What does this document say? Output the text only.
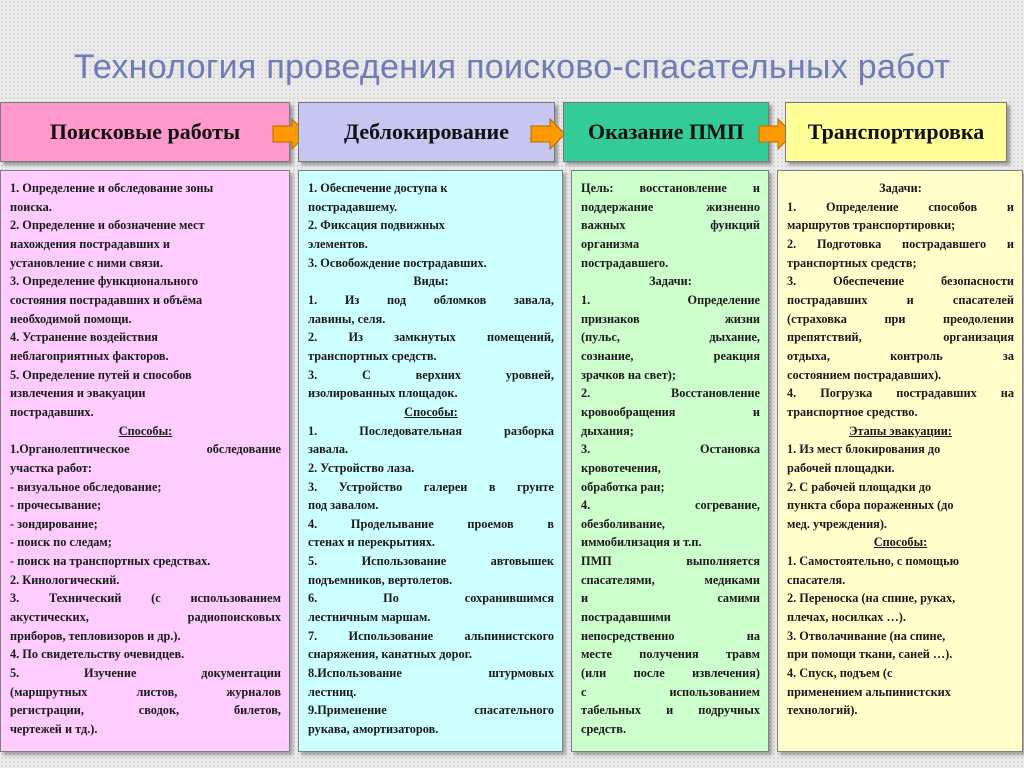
Технология проведения поисково-спасательных работ
Поисковые работы	Деблокирование	Оказание ПМП	Транспортировка
1. Определение и обследование зоны
поиска.
2. Определение и обозначение мест
нахождения пострадавших и
установление с ними связи.
3. Определение функционального
состояния пострадавших и объёма
необходимой помощи.
4. Устранение воздействия
неблагоприятных факторов.
5. Определение путей и способов
извлечения и эвакуации
пострадавших.
Способы:
1.Органолептическое	обследование
участка работ:
- визуальное обследование;
- прочесывание;
- зондирование;
- поиск по следам;
- поиск на транспортных средствах.
2. Кинологический.
3. Технический (с использованием
акустических,	радиопоисковых
приборов, тепловизоров и др.).
4. По свидетельству очевидцев.
5.	Изучение	документации
(маршрутных	листов,	журналов
регистрации,	сводок,	билетов,
чертежей и тд.).
1. Обеспечение доступа к
пострадавшему.
2. Фиксация подвижных
элементов.
3. Освобождение пострадавших.
Виды:
1. Из под обломков завала,
лавины, селя.
2.	Из	замкнутых	помещений,
транспортных средств.
3.	С	верхних	уровней,
изолированных площадок.
Способы:
1.	Последовательная	разборка
завала.
2. Устройство лаза.
3. Устройство галереи в грунте
под завалом.
4.	Проделывание	проемов	в
стенах и перекрытиях.
5.	Использование	автовышек
подъемников, вертолетов.
6.	По	сохранившимся
лестничным маршам.
7.	Использование	альпинистского
снаряжения, канатных дорог.
8.Использование	штурмовых
лестниц.
9.Применение	спасательного
рукава, амортизаторов.
Цель: восстановление и
поддержание	жизненно
важных	функций
организма
пострадавшего.
Задачи:
1.	Определение
признаков	жизни
(пульс,	дыхание,
сознание,	реакция
зрачков на свет);
2.	Восстановление
кровообращения	и
дыхания;
3.	Остановка
кровотечения,
обработка ран;
4.	согревание,
обезболивание,
иммобилизация и т.п.
ПМП	выполняется
спасателями,	медиками
и	самими
пострадавшими
непосредственно	на
месте получения травм
(или после извлечения)
с	использованием
табельных и подручных
средств.
Задачи:
1. Определение способов и
маршрутов транспортировки;
2. Подготовка пострадавшего и
транспортных средств;
3.	Обеспечение	безопасности
пострадавших	и	спасателей
(страховка	при	преодолении
препятствий,	организация
отдыха,	контроль	за
состоянием пострадавших).
4. Погрузка пострадавших на
транспортное средство.
Этапы эвакуации:
1. Из мест блокирования до
рабочей площадки.
2. С рабочей площадки до
пункта сбора пораженных (до
мед. учреждения).
Способы:
1. Самостоятельно, с помощью
спасателя.
2. Переноска (на спине, руках,
плечах, носилках …).
3. Отволачивание (на спине,
при помощи ткани, саней …).
4. Спуск, подъем (с
применением альпинистских
технологий).
